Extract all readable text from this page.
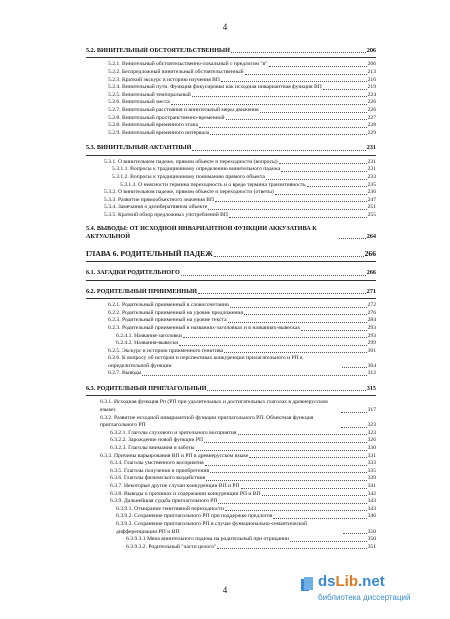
4
5.2. ВИНИТЕЛЬНЫЙ ОБСТОЯТЕЛЬСТВЕННЫЙ	206
5.2.1. Винительный обстоятельственно-локальный с предлогом "в"	206
5.2.2. Беспредложный винительный обстоятельственный	213
5.2.3. Краткий экскурс в историю изучения ВП	216
5.2.4. Винительный пути. Функция фокусировки как исходная инвариантная функция ВП	219
5.2.5. Винительный темпоральный	224
5.2.6. Винительный места	226
5.2.7. Винительный расстояния и винительный меры движения	226
5.2.8. Винительный пространственно-временной	227
5.2.8. Винительный временного этапа	228
5.2.9. Винительный временного интервала	229
5.3. ВИНИТЕЛЬНЫЙ АКТАНТНЫЙ	231
5.3.1. О винительном падеже, прямом объекте и переходности (вопросы)	231
5.3.1.1. Вопросы к традиционному определению винительного падежа	231
5.3.1.2. Вопросы к традиционному пониманию прямого объекта	233
5.3.1.3. О неясности термина переходность и о вреде термина транзитивность	235
5.3.2. О винительном падеже, прямом объекте и переходности (ответы)	236
5.3.3. Развитие прямообъектного значения ВП	247
5.3.4. Замечания о делиберативном объекте	251
5.3.5. Краткий обзор предложных употреблений ВП	255
5.4. ВЫВОДЫ: ОТ ИСХОДНОЙ ИНВАРИАНТНОЙ ФУНКЦИИ АККУЗАТИВА К АКТУАЛЬНОЙ	264
ГЛАВА 6. РОДИТЕЛЬНЫЙ ПАДЕЖ	266
6.1. ЗАГАДКИ РОДИТЕЛЬНОГО	266
6.2. РОДИТЕЛЬНЫЙ ПРИИМЕННЫЙ	271
6.2.1. Родительный приименный в словосочетании	272
6.2.2. Родительный приименный на уровне предложения	276
6.2.3. Родительный приименный на уровне текста	284
6.2.3. Родительный приименный в названиях-заголовках и в названиях-вывесках	293
6.2.4.1. Названия-заголовки	293
6.2.4.2. Названия-вывески	299
6.2.5. Экскурс в историю приименного генитива	301
6.2.6. К вопросу об истории и перспективах конкуренции прилагательного и РП в определительной функции	304
6.2.7. Выводы	312
6.3. РОДИТЕЛЬНЫЙ ПРИГЛАГОЛЬНЫЙ	315
6.3.1. Исходная функция Рп (РП при удалительных и достигательных глаголах в древнерусском языке)	317
6.3.2. Развитие исходной инвариантной функции приглагольного РП. Объектная функция приглагольного РП	323
6.3.2.1. Глаголы слухового и зрительного восприятия	323
6.3.2.2. Зарождение новой функции РП	326
6.3.2.3. Глаголы внимания и заботы	330
6.3.3. Причины варьирования ВП и РП в древнерусском языке	331
6.3.4. Глаголы умственного восприятия	333
6.3.5. Глаголы получения и приобретения	335
6.3.6. Глаголы физического воздействия	339
6.3.7. Некоторые другие случаи конкуренции ВП и РП	341
6.3.8. Выводы о причинах и содержании конкуренции РП и ВП	342
6.3.9. Дальнейшая судьба приглагольного РП	343
6.3.9.1. Отмирание генитивной переходности	343
6.3.9.2. Сохранение приглагольного РП при поддержке предлогов	346
6.3.9.3. Сохранение приглагольного РП в случае функционально-семантической дифференциации РП и ВП	350
6.3.9.3.1 Мена винительного падежа на родительный при отрицании	350
6.3.9.3.2. Родительный "части целого"	351
4	dsLib.net
библиотека диссертаций
